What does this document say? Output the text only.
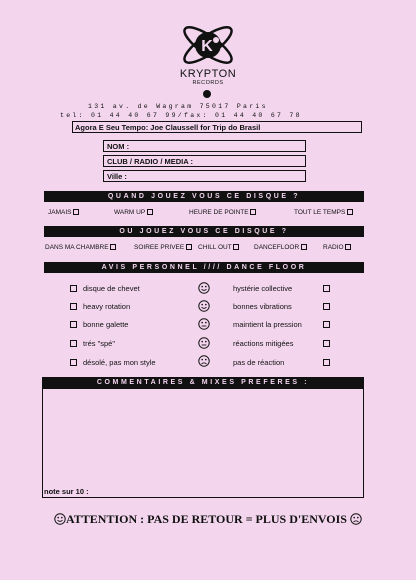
K
KRYPTON
RECORDS
131 av. de Wagram 75017 Paris
tel: 01 44 40 67 99/fax: 01 44 40 67 78
Agora E Seu Tempo: Joe Claussell for Trip do Brasil
NOM :
CLUB / RADIO / MEDIA :
Ville :
QUAND JOUEZ VOUS CE DISQUE ?
JAMAIS	WARM UP	HEURE DE POINTE	TOUT LE TEMPS
OU JOUEZ VOUS CE DISQUE ?
DANS MA CHAMBRE	SOIREE PRIVEE	CHILL OUT	DANCEFLOOR	RADIO
AVIS PERSONNEL //// DANCE FLOOR
disque de chevet	hystérie collective
heavy rotation	bonnes vibrations
bonne galette	maintient la pression
trés "spé"	réactions mitigées
désolé, pas mon style	pas de réaction
COMMENTAIRES & MIXES PREFERES :
note sur 10 :
ATTENTION : PAS DE RETOUR = PLUS D'ENVOIS
